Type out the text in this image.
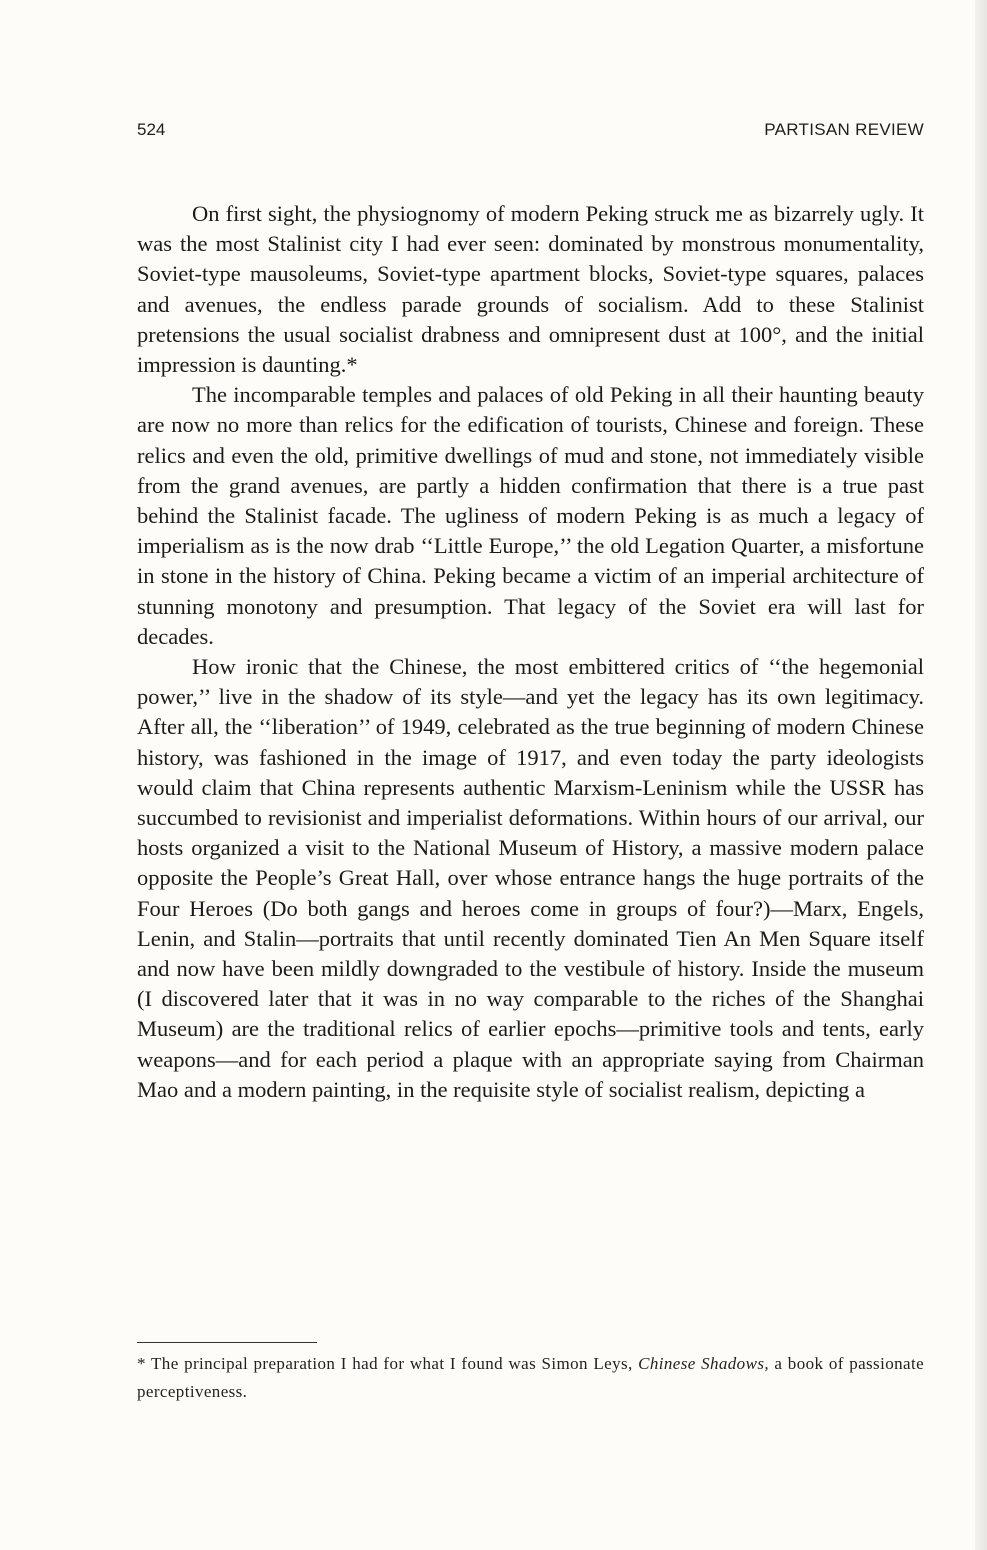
524	PARTISAN REVIEW

On first sight, the physiognomy of modern Peking struck me as bizarrely ugly. It was the most Stalinist city I had ever seen: dominated by monstrous monumentality, Soviet-type mausoleums, Soviet-type apartment blocks, Soviet-type squares, palaces and avenues, the endless parade grounds of socialism. Add to these Stalinist pretensions the usual socialist drabness and omnipresent dust at 100°, and the initial impression is daunting.*

The incomparable temples and palaces of old Peking in all their haunting beauty are now no more than relics for the edification of tourists, Chinese and foreign. These relics and even the old, primitive dwellings of mud and stone, not immediately visible from the grand avenues, are partly a hidden confirmation that there is a true past behind the Stalinist facade. The ugliness of modern Peking is as much a legacy of imperialism as is the now drab ‘‘Little Europe,’’ the old Legation Quarter, a misfortune in stone in the history of China. Peking became a victim of an imperial architecture of stunning monotony and presumption. That legacy of the Soviet era will last for decades.

How ironic that the Chinese, the most embittered critics of ‘‘the hegemonial power,’’ live in the shadow of its style—and yet the legacy has its own legitimacy. After all, the ‘‘liberation’’ of 1949, celebrated as the true beginning of modern Chinese history, was fashioned in the image of 1917, and even today the party ideologists would claim that China represents authentic Marxism-Leninism while the USSR has succumbed to revisionist and imperialist deformations. Within hours of our arrival, our hosts organized a visit to the National Museum of History, a massive modern palace opposite the People’s Great Hall, over whose entrance hangs the huge portraits of the Four Heroes (Do both gangs and heroes come in groups of four?)—Marx, Engels, Lenin, and Stalin—portraits that until recently dominated Tien An Men Square itself and now have been mildly downgraded to the vestibule of history. Inside the museum (I discovered later that it was in no way comparable to the riches of the Shanghai Museum) are the traditional relics of earlier epochs—primitive tools and tents, early weapons—and for each period a plaque with an appropriate saying from Chairman Mao and a modern painting, in the requisite style of socialist realism, depicting a

* The principal preparation I had for what I found was Simon Leys, Chinese Shadows, a book of passionate perceptiveness.
